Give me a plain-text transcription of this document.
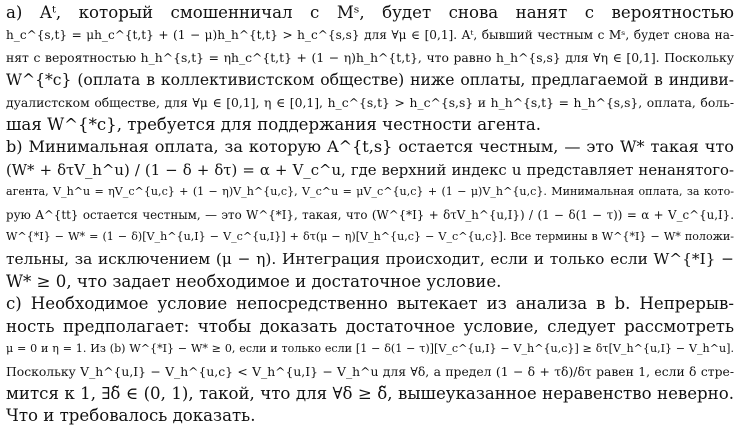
а) Aᵗ, который смошенничал с Mˢ, будет снова нанят с вероятностью
h_c^{s,t} = μh_c^{t,t} + (1 − μ)h_h^{t,t} > h_c^{s,s} для ∀μ ∈ [0,1]. Aᵗ, бывший честным с Mˢ, будет снова на-
нят с вероятностью h_h^{s,t} = ηh_c^{t,t} + (1 − η)h_h^{t,t}, что равно h_h^{s,s} для ∀η ∈ [0,1]. Поскольку
W^{*c} (оплата в коллективистском обществе) ниже оплаты, предлагаемой в индиви-
дуалистском обществе, для ∀μ ∈ [0,1], η ∈ [0,1], h_c^{s,t} > h_c^{s,s} и h_h^{s,t} = h_h^{s,s}, оплата, боль-
шая W^{*c}, требуется для поддержания честности агента.

b) Минимальная оплата, за которую A^{t,s} остается честным, — это W* такая что
(W* + δτV_h^u) / (1 − δ + δτ) = α + V_c^u, где верхний индекс u представляет ненанятого-
агента, V_h^u = ηV_c^{u,c} + (1 − η)V_h^{u,c}, V_c^u = μV_c^{u,c} + (1 − μ)V_h^{u,c}. Минимальная оплата, за кото-
рую A^{tt} остается честным, — это W^{*I}, такая, что (W^{*I} + δτV_h^{u,I}) / (1 − δ(1 − τ)) = α + V_c^{u,I}.
W^{*I} − W* = (1 − δ)[V_h^{u,I} − V_c^{u,I}] + δτ(μ − η)[V_h^{u,c} − V_c^{u,c}]. Все термины в W^{*I} − W* положи-
тельны, за исключением (μ − η). Интеграция происходит, если и только если W^{*I} −
W* ≥ 0, что задает необходимое и достаточное условие.

c) Необходимое условие непосредственно вытекает из анализа в b. Непрерыв-
ность предполагает: чтобы доказать достаточное условие, следует рассмотреть
μ = 0 и η = 1. Из (b) W^{*I} − W* ≥ 0, если и только если [1 − δ(1 − τ)][V_c^{u,I} − V_h^{u,c}] ≥ δτ[V_h^{u,I} − V_h^u].
Поскольку V_h^{u,I} − V_h^{u,c} < V_h^{u,I} − V_h^u для ∀δ, а предел (1 − δ + τδ)/δτ равен 1, если δ стре-
мится к 1, ∃δ̃ ∈ (0, 1), такой, что для ∀δ ≥ δ̃, вышеуказанное неравенство неверно.
Что и требовалось доказать.
